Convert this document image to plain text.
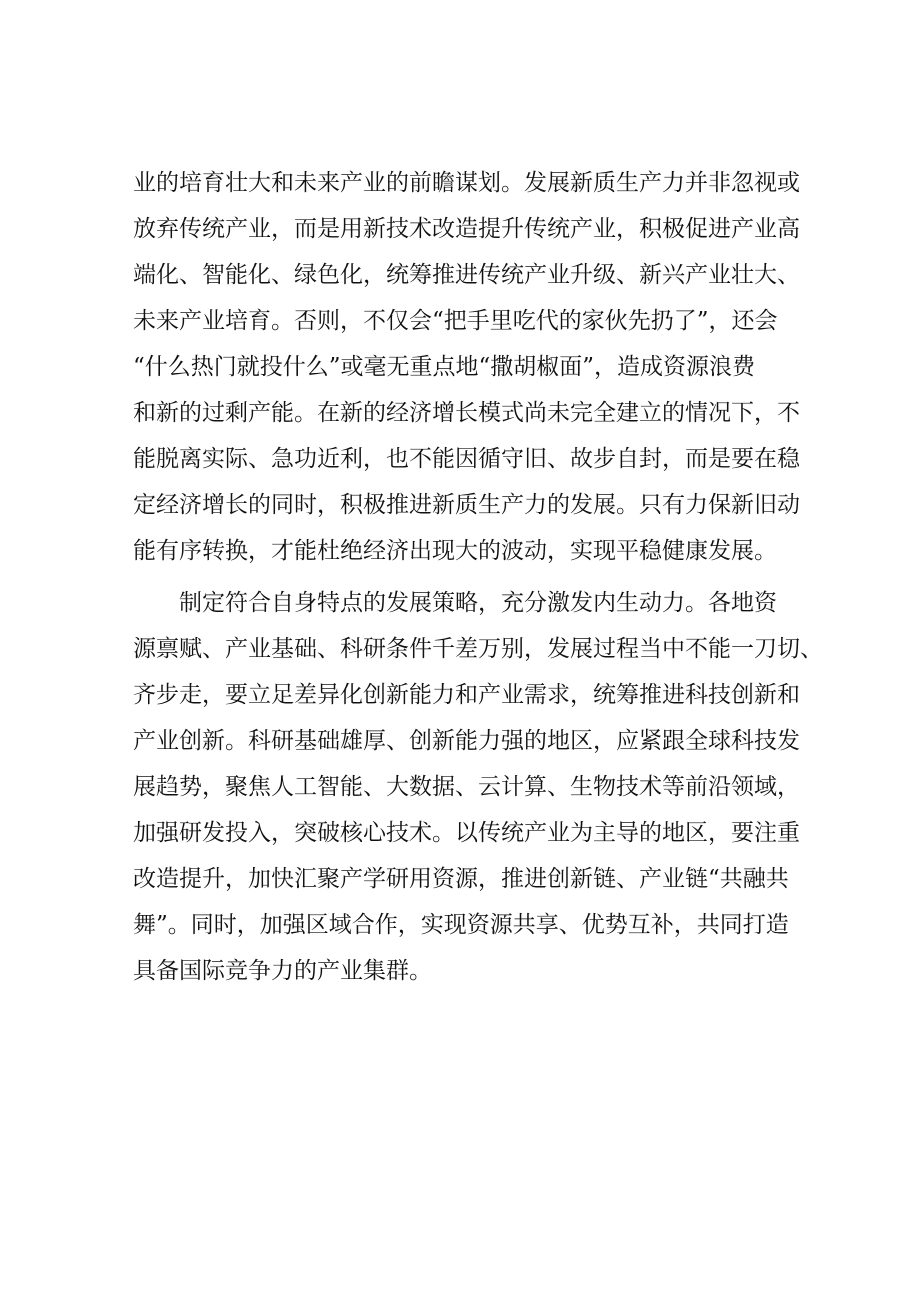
业的培育壮大和未来产业的前瞻谋划。发展新质生产力并非忽视或
放弃传统产业，而是用新技术改造提升传统产业，积极促进产业高
端化、智能化、绿色化，统筹推进传统产业升级、新兴产业壮大、
未来产业培育。否则，不仅会“把手里吃代的家伙先扔了”，还会
“什么热门就投什么”或毫无重点地“撒胡椒面”，造成资源浪费
和新的过剩产能。在新的经济增长模式尚未完全建立的情况下，不
能脱离实际、急功近利，也不能因循守旧、故步自封，而是要在稳
定经济增长的同时，积极推进新质生产力的发展。只有力保新旧动
能有序转换，才能杜绝经济出现大的波动，实现平稳健康发展。
　　制定符合自身特点的发展策略，充分激发内生动力。各地资
源禀赋、产业基础、科研条件千差万别，发展过程当中不能一刀切、
齐步走，要立足差异化创新能力和产业需求，统筹推进科技创新和
产业创新。科研基础雄厚、创新能力强的地区，应紧跟全球科技发
展趋势，聚焦人工智能、大数据、云计算、生物技术等前沿领域，
加强研发投入，突破核心技术。以传统产业为主导的地区，要注重
改造提升，加快汇聚产学研用资源，推进创新链、产业链“共融共
舞”。同时，加强区域合作，实现资源共享、优势互补，共同打造
具备国际竞争力的产业集群。
